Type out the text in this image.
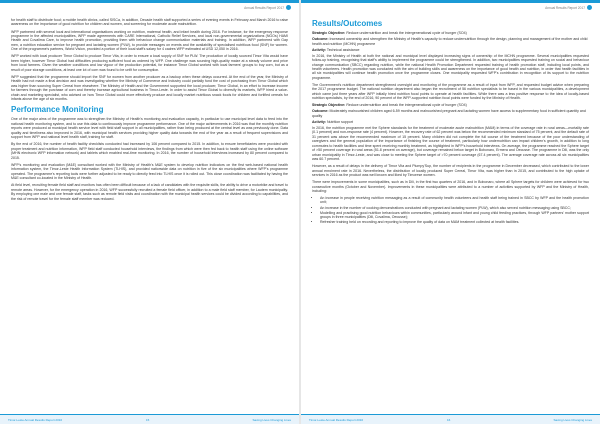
Annual Results Report 2017

for health staff to distribute food; a mobile health clinics, called SISCa, in addition, Decade health staff supported a series of evening events in February and March 2016 to raise awareness on the importance of good nutrition for children and women, and screening for moderate acute malnutrition.

WFP partnered with several local and international organisations working on nutrition, maternal health, and infant health during 2016. For instance, for the emergency response programme in the affected municipalities, WFP made agreements with CARE International, Catholic Relief Services, and local non-governmental organizations (NGOs) HAMI Health and Covalima Care, to improve health promotion, providing them with behaviour change communication materials and training. In addition, WFP partnered with Gap men, a nutrition education service for pregnant and lactating women (PLW), to provide messages on events and the availability of specialised nutritious food (SNF) for women. One of the programme's partners, World Vision, provided a portion of their local staff's salary for 4 cadres WFP estimated at USD 12,050 in 2016.

WFP worked with local producer Timor Global to produce Timor Vita, in order to ensure a local supply of SNF for PLW. The production of locally sourced Timor Vita would have been higher, however Timor Global had difficulties producing sufficient food as ordered by WFP. One challenge was sourcing high-quality maize at a steady volume and price from local farmers. Given the weather conditions and low vigour of the production potential, for instance Timor Global worked with local farmers' groups to buy corn, but as a result of poor storage conditions, at least one lot of corn was found to be unfit for consumption.

WFP suggested that the programme should import the SNF for women from another producer as a backup when these delays occurred. At the end of the year, the Ministry of Health had not made a final decision and was investigating whether the Ministry of Commerce and Industry could partially fund the cost of purchasing from Timor Global which was higher than sourcing Super Cereal from elsewhere. The Ministry of Health and the Government supported the local producer, Timor Global, in an effort to increase income for farmers through the purchase of corn and thereby increase agricultural business in Timor-Leste. In order to assist Timor Global to diversify its markets, WFP hired a value-chain and marketing specialist, who advised on how Timor Global could more effectively produce and locally market nutritious snack foods for children and fortified cereals for infants above the age of six months.

Performance Monitoring

One of the major aims of the programme was to strengthen the Ministry of Health's monitoring and evaluation capacity, in particular to use municipal level data to feed into the national health monitoring system, and to use this data to continuously improve programme performance. One of the major achievements in 2016 was that the monthly nutrition reports were produced at municipal health service level with field staff support in all municipalities, rather than being produced at the central level as was previously done. Data quality and timeliness also improved in 2016, with municipal health services providing higher quality data towards the end of the year as a result of frequent supervisions and support from WFP and national level health staff, training for staff.

By the end of 2016, the number of health facility checklists conducted had increased by 106 percent compared to 2015. In addition, to ensure beneficiaries were provided with proper treatment and nutrition information, WFP field staff conducted household interviews, the findings from which were then fed back to health staff using the online software (MHN electronic WFP information network) and tablets which enabled real-time monitoring. In 2016, the number of household interviews increased by 80 percent compared to 2015.

WFP's monitoring and evaluation (M&E) consultant worked with the Ministry of Health's M&E system to develop nutrition indicators on the first web-based national health information system, the Timor-Leste Health Information System (TLHIS), and provided nationwide data on nutrition in five of the six municipalities where WFP's programme operated. The programme's reporting tools were further adjusted to be ready to directly feed into TLHIS once it is rolled out. This close coordination was facilitated by having the M&E consultant co-located in the Ministry of Health.

At field level, recruiting female field staff and monitors has often been difficult because of a lack of candidates with the requisite skills, the ability to drive a motorbike and travel to remote areas. However, for the emergency operation in 2016, WFP successfully recruited a female field officer, in addition to a male field staff member, for Lautem municipality. By employing one male and one female staff, tasks such as remote field visits and coordination with the municipal health services could be divided according to capabilities, and the risk of remote travel for the female staff member was reduced.

Timor-Leste Annual Results Report 2016	15	Saving Lives Changing Lives
Annual Results Report 2017
Results/Outcomes

Strategic Objective: Reduce undernutrition and break the intergenerational cycle of hunger (SO4)

Outcome: Increased ownership and strengthen the Ministry of Health's capacity to reduce undernutrition through the design, planning and management of the mother and child health and nutrition (MCHN) programme

Activity: Technical assistance

In 2016, the Ministry of Health at both the national and municipal level displayed increasing signs of ownership of the MCHN programme. Several municipalities requested follow-up training, recognising that staff's ability to implement the programme could be strengthened. In addition, two municipalities requested training on social and behaviour change communication (SBCC) regarding nutrition, while the national Health Promotion Department requested training of health promotion staff, including local points, and health volunteers. Health promotion was conducted with the aim of building skills and awareness on the importance of good health and nutrition, in order that health facilities in all six municipalities will continue health promotion once the programme closes. One municipality requested WFP's contribution in recognition of its support to the nutrition programme.

The Government's nutrition department strengthened oversight and monitoring of the programme as a result of input from WFP, and requested budget advice when preparing the 2017 programme budget. The national nutrition department also began the recruitment of 56 nutrition specialists to be based in the various municipalities, a development which came just three years after WFP initially hired nutrition focal points to operate at health facilities. While there was a less positive response to the idea of locally-based nutrition specialists, by the end of 2016, 90 percent of the WFP-supported nutrition focal points were funded by the Ministry of Health.

Strategic Objective: Reduce undernutrition and break the intergenerational cycle of hunger (SO4)

Outcome: Moderately malnourished children aged 6-59 months and malnourished pregnant and lactating women have access to supplementary food in sufficient quantity and quality

Activity: Nutrition support

In 2016, the nutrition programme met the Sphere standards for the treatment of moderate acute malnutrition (MAM) in terms of the coverage rate in rural areas—mortality rate (0.1 percent) and non-response rate (4 percent). However, the recovery rate of 62 percent was below the recommended minimum standard of 75 percent, and the default rate of 31 percent was above the recommended maximum of 15 percent. Many children did not complete the full course of the treatment because of the poor understanding of caregivers and the general population of the importance of finishing the course of treatment, particularly how undernutrition can impact children's growth, in addition to long commutes to health facilities and time spent receiving monthly treatment, as highlighted in WFP's household interviews. On average, the programme reached the Sphere target of >50 percent coverage in rural areas (51.8 percent on average), but coverage remained below target in Bobonaro, Ermera and Oecusse. The programme in Dili, was the only urban municipality in Timor-Leste, and was close to meeting the Sphere target of >70 percent coverage (67.4 percent). The average coverage rate across all six municipalities was 60.7 percent.

However, as a result of delays in the delivery of Timor Vita and Plumpy'Sup, the number of recipients in the programme in December decreased, which contributed to the lower annual enrolment rate in 2016. Nevertheless, the distribution of locally produced Super Cereal, Timor Vita, was higher than in 2015, and contributed to the high uptake of services in 2016 as the product was well known and liked by Timorese women.

There were improvements in some municipalities, such as in Dili, in the first two quarters of 2016, and in Bobonaro, where all Sphere targets for children were achieved for two consecutive months (October and November). Improvements in these municipalities were attributed to a number of activities supported by WFP and the Ministry of Health, including:

• An increase in people receiving nutrition messaging as a result of community health volunteers and health staff being trained in SBCC by WFP and the health promotion unit;
• An increase in the number of cooking demonstrations conducted with pregnant and lactating women (PLW), which also served nutrition messaging using SBCC;
• Modelling and practising good nutrition behaviours within communities, particularly around infant and young child feeding practices, through WFP partners' mother support groups in three municipalities (Dili, Covalima, Oecusse);
• Refresher training held on recording and reporting to improve the quality of data on MAM treatment collected at health facilities.
Timor-Leste Annual Results Report 2016	16	Saving Lives Changing Lives
